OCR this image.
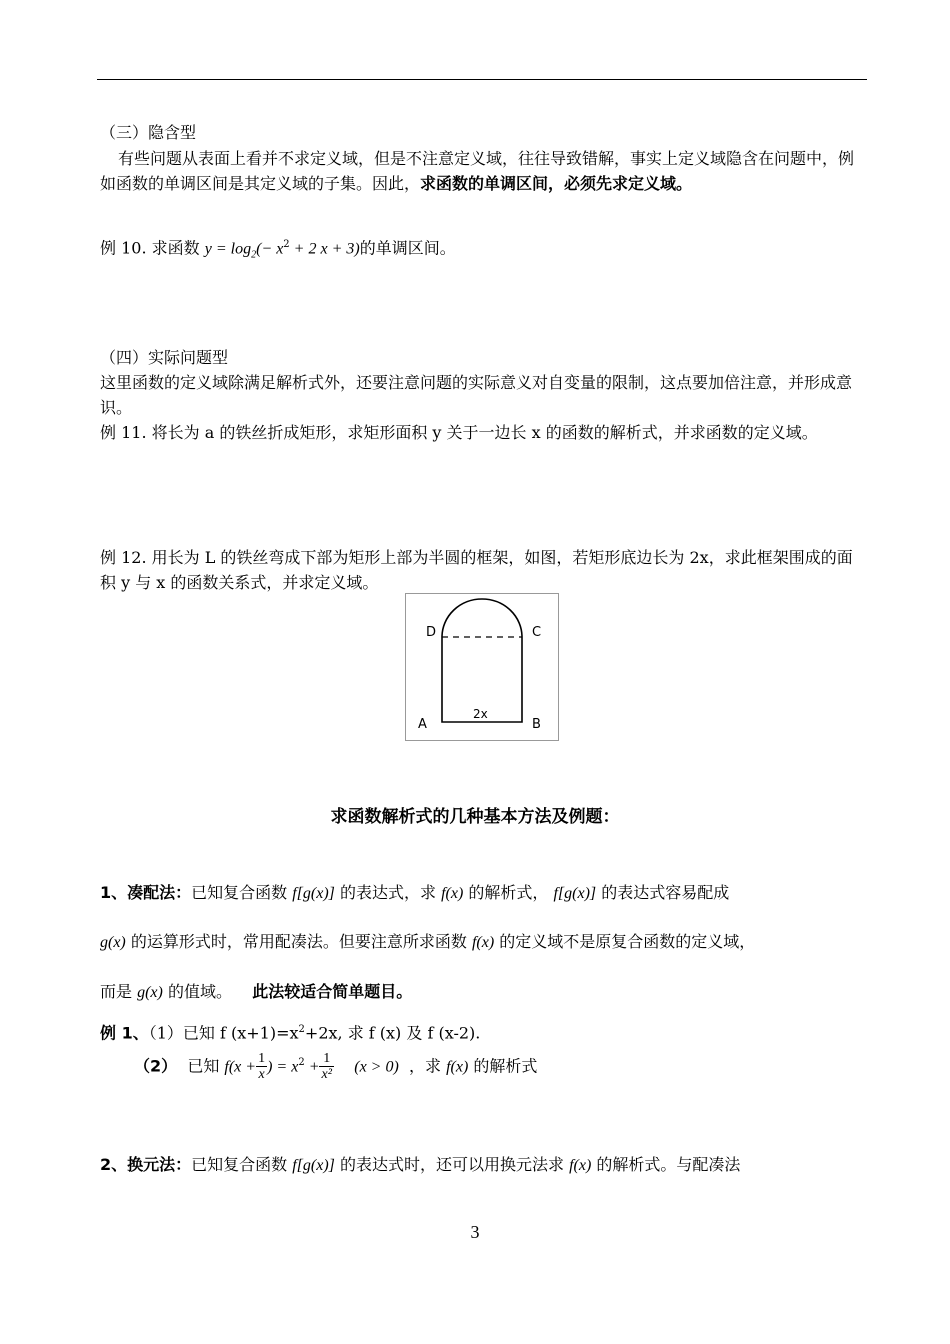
（三）隐含型
有些问题从表面上看并不求定义域，但是不注意定义域，往往导致错解，事实上定义域隐含在问题中，例如函数的单调区间是其定义域的子集。因此，求函数的单调区间，必须先求定义域。
例 10. 求函数 $y = \log_2(- x^2 + 2$ x + 3)的单调区间。
（四）实际问题型
这里函数的定义域除满足解析式外，还要注意问题的实际意义对自变量的限制，这点要加倍注意，并形成意识。
例 11. 将长为 a 的铁丝折成矩形，求矩形面积 y 关于一边长 x 的函数的解析式，并求函数的定义域。
例 12. 用长为 L 的铁丝弯成下部为矩形上部为半圆的框架，如图，若矩形底边长为 2x，求此框架围成的面积 y 与 x 的函数关系式，并求定义域。
D	C
A	B
2x
求函数解析式的几种基本方法及例题：
1、凑配法：已知复合函数 f[g(x)] 的表达式，求 f(x) 的解析式， f[g(x)] 的表达式容易配成
g(x) 的运算形式时，常用配凑法。但要注意所求函数 f(x) 的定义域不是原复合函数的定义域，
而是 g(x) 的值域。 此法较适合简单题目。
例 1、（1）已知 f $(x+1)=x^2+2x$, 求 f (x) 及 f (x-2).
（2） 已知 $f(x + \frac{1}{x}$ ) = $x^2 + \frac{1}{\text{x²}} (x > 0)$ ，求 f(x) 的解析式
2、换元法：已知复合函数 f[g(x)] 的表达式时，还可以用换元法求 f(x) 的解析式。与配凑法
3
